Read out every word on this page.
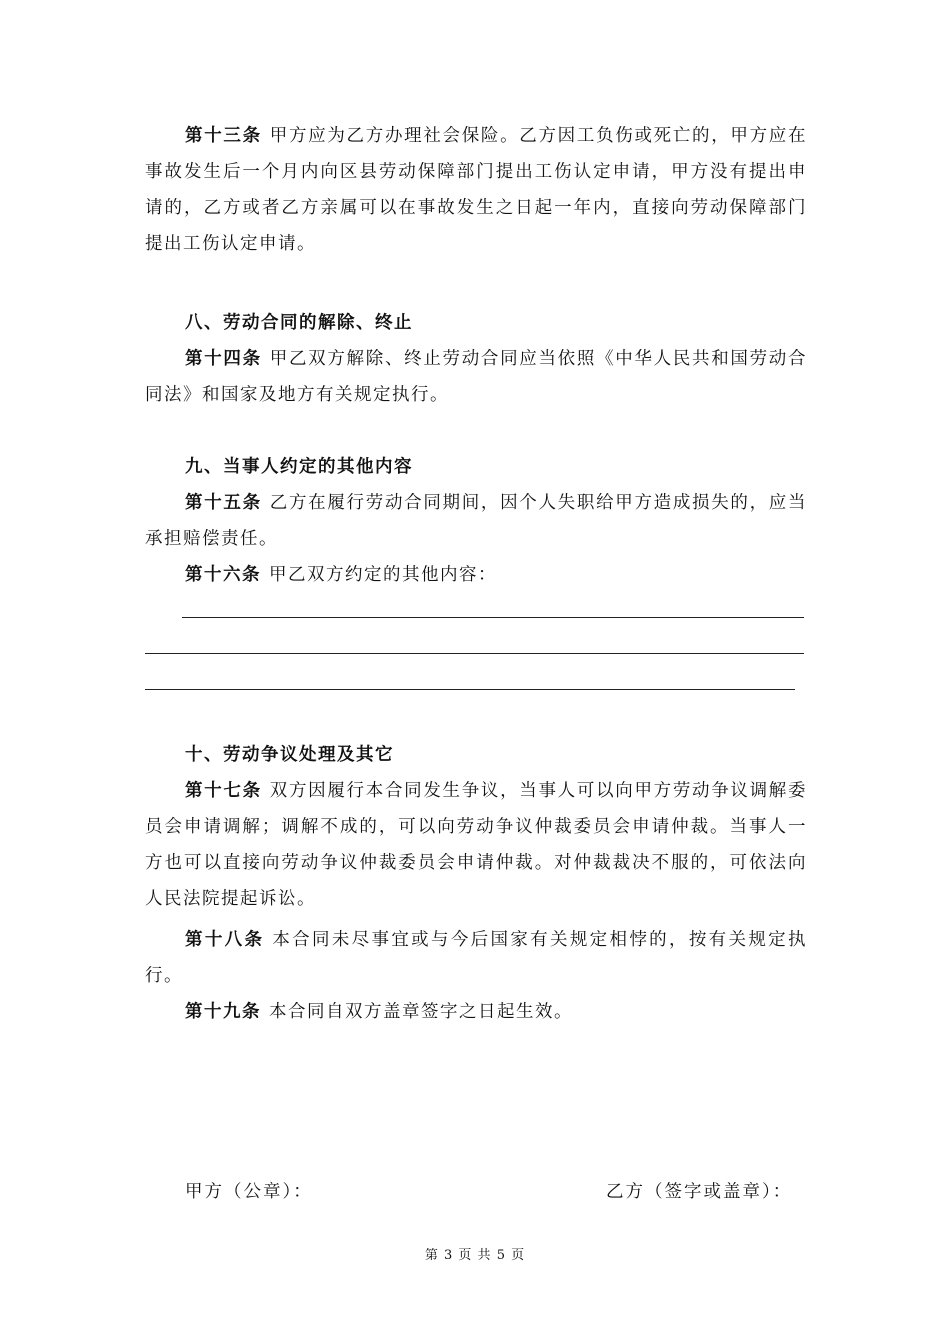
第十三条 甲方应为乙方办理社会保险。乙方因工负伤或死亡的，甲方应在事故发生后一个月内向区县劳动保障部门提出工伤认定申请，甲方没有提出申请的，乙方或者乙方亲属可以在事故发生之日起一年内，直接向劳动保障部门提出工伤认定申请。
八、劳动合同的解除、终止
第十四条 甲乙双方解除、终止劳动合同应当依照《中华人民共和国劳动合同法》和国家及地方有关规定执行。
九、当事人约定的其他内容
第十五条 乙方在履行劳动合同期间，因个人失职给甲方造成损失的，应当承担赔偿责任。
第十六条 甲乙双方约定的其他内容：
十、劳动争议处理及其它
第十七条 双方因履行本合同发生争议，当事人可以向甲方劳动争议调解委员会申请调解；调解不成的，可以向劳动争议仲裁委员会申请仲裁。当事人一方也可以直接向劳动争议仲裁委员会申请仲裁。对仲裁裁决不服的，可依法向人民法院提起诉讼。
第十八条 本合同未尽事宜或与今后国家有关规定相悖的，按有关规定执行。
第十九条 本合同自双方盖章签字之日起生效。
甲方（公章）：	乙方（签字或盖章）：
第 3 页 共 5 页
